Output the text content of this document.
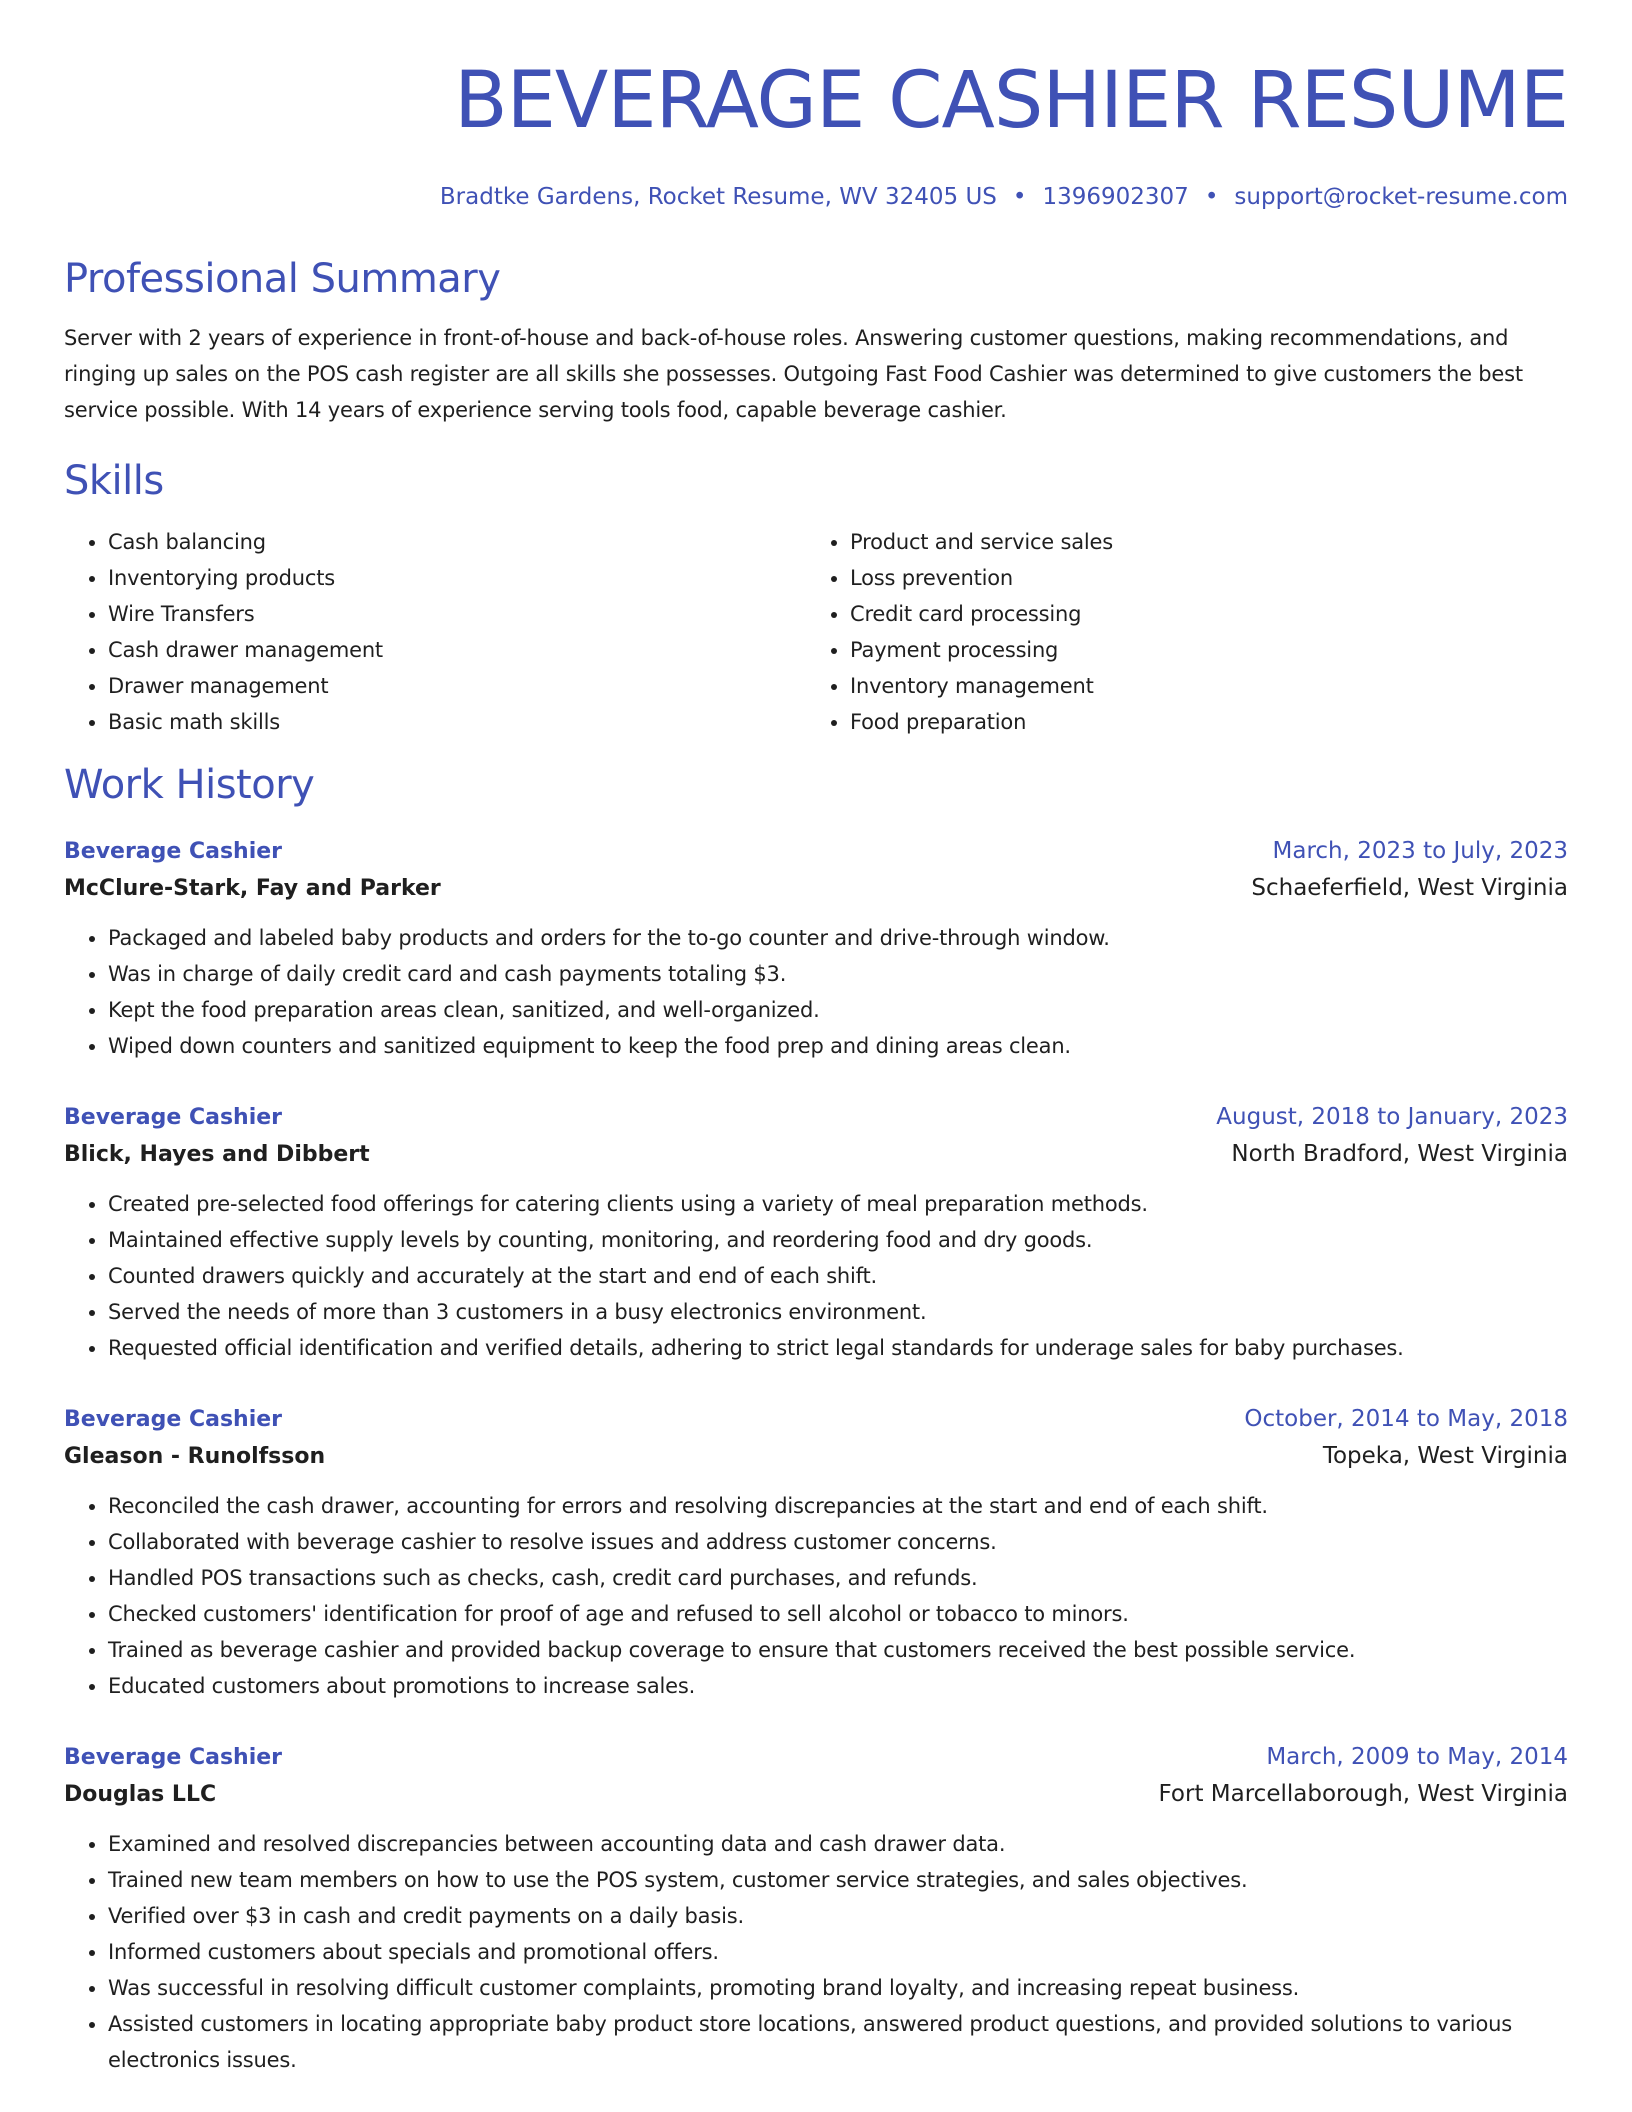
BEVERAGE CASHIER RESUME
Bradtke Gardens, Rocket Resume, WV 32405 US • 1396902307 • support@rocket-resume.com
Professional Summary
Server with 2 years of experience in front-of-house and back-of-house roles. Answering customer questions, making recommendations, and ringing up sales on the POS cash register are all skills she possesses. Outgoing Fast Food Cashier was determined to give customers the best service possible. With 14 years of experience serving tools food, capable beverage cashier.
Skills
• Cash balancing
• Inventorying products
• Wire Transfers
• Cash drawer management
• Drawer management
• Basic math skills
• Product and service sales
• Loss prevention
• Credit card processing
• Payment processing
• Inventory management
• Food preparation
Work History
Beverage Cashier	March, 2023 to July, 2023
McClure-Stark, Fay and Parker	Schaeferfield, West Virginia
• Packaged and labeled baby products and orders for the to-go counter and drive-through window.
• Was in charge of daily credit card and cash payments totaling $3.
• Kept the food preparation areas clean, sanitized, and well-organized.
• Wiped down counters and sanitized equipment to keep the food prep and dining areas clean.
Beverage Cashier	August, 2018 to January, 2023
Blick, Hayes and Dibbert	North Bradford, West Virginia
• Created pre-selected food offerings for catering clients using a variety of meal preparation methods.
• Maintained effective supply levels by counting, monitoring, and reordering food and dry goods.
• Counted drawers quickly and accurately at the start and end of each shift.
• Served the needs of more than 3 customers in a busy electronics environment.
• Requested official identification and verified details, adhering to strict legal standards for underage sales for baby purchases.
Beverage Cashier	October, 2014 to May, 2018
Gleason - Runolfsson	Topeka, West Virginia
• Reconciled the cash drawer, accounting for errors and resolving discrepancies at the start and end of each shift.
• Collaborated with beverage cashier to resolve issues and address customer concerns.
• Handled POS transactions such as checks, cash, credit card purchases, and refunds.
• Checked customers' identification for proof of age and refused to sell alcohol or tobacco to minors.
• Trained as beverage cashier and provided backup coverage to ensure that customers received the best possible service.
• Educated customers about promotions to increase sales.
Beverage Cashier	March, 2009 to May, 2014
Douglas LLC	Fort Marcellaborough, West Virginia
• Examined and resolved discrepancies between accounting data and cash drawer data.
• Trained new team members on how to use the POS system, customer service strategies, and sales objectives.
• Verified over $3 in cash and credit payments on a daily basis.
• Informed customers about specials and promotional offers.
• Was successful in resolving difficult customer complaints, promoting brand loyalty, and increasing repeat business.
• Assisted customers in locating appropriate baby product store locations, answered product questions, and provided solutions to various electronics issues.
